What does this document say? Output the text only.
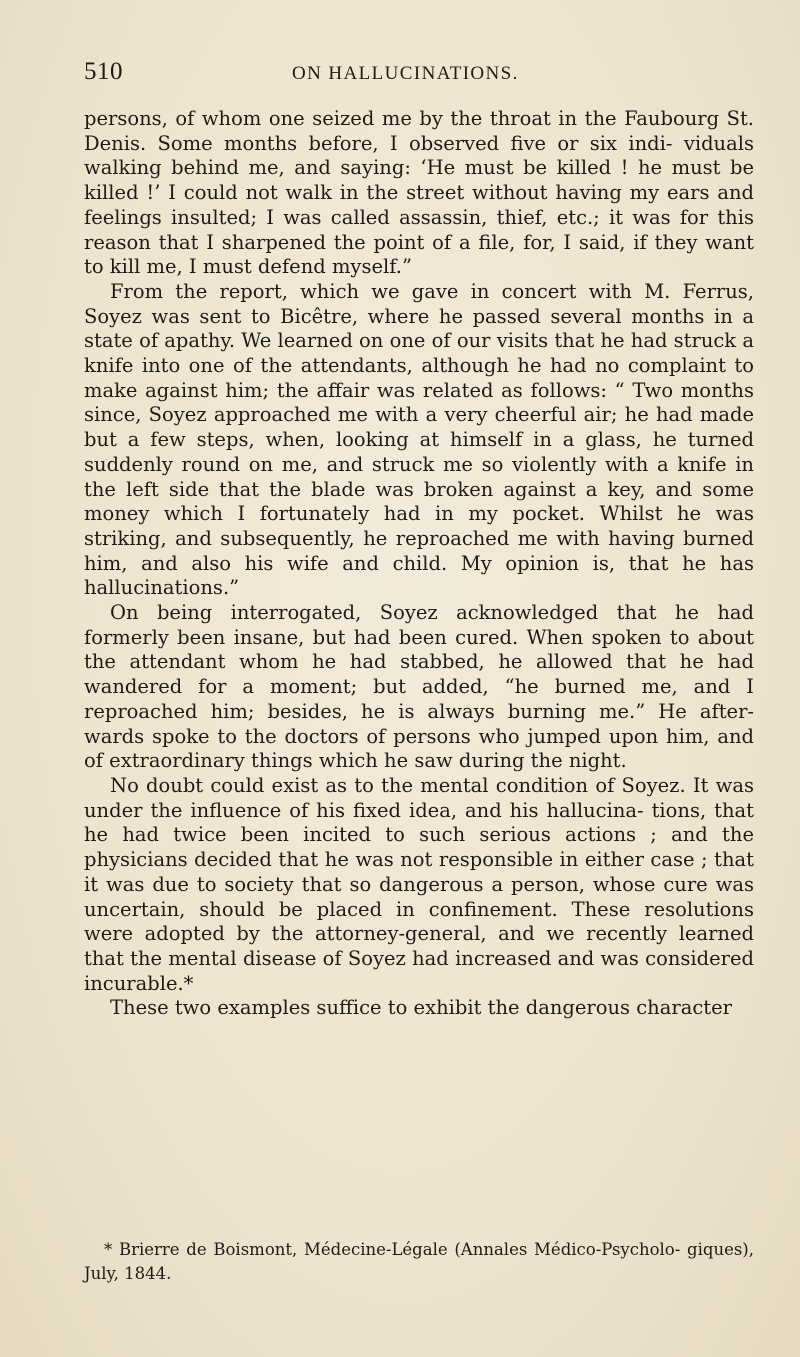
510	ON HALLUCINATIONS.

persons, of whom one seized me by the throat in the Faubourg St. Denis. Some months before, I observed five or six indi- viduals walking behind me, and saying: ‘He must be killed ! he must be killed !’ I could not walk in the street without having my ears and feelings insulted; I was called assassin, thief, etc.; it was for this reason that I sharpened the point of a file, for, I said, if they want to kill me, I must defend myself.”

From the report, which we gave in concert with M. Ferrus, Soyez was sent to Bicêtre, where he passed several months in a state of apathy. We learned on one of our visits that he had struck a knife into one of the attendants, although he had no complaint to make against him; the affair was related as follows: “ Two months since, Soyez approached me with a very cheerful air; he had made but a few steps, when, looking at himself in a glass, he turned suddenly round on me, and struck me so violently with a knife in the left side that the blade was broken against a key, and some money which I fortunately had in my pocket. Whilst he was striking, and subsequently, he reproached me with having burned him, and also his wife and child. My opinion is, that he has hallucinations.”

On being interrogated, Soyez acknowledged that he had formerly been insane, but had been cured. When spoken to about the attendant whom he had stabbed, he allowed that he had wandered for a moment; but added, “he burned me, and I reproached him; besides, he is always burning me.” He after- wards spoke to the doctors of persons who jumped upon him, and of extraordinary things which he saw during the night.

No doubt could exist as to the mental condition of Soyez. It was under the influence of his fixed idea, and his hallucina- tions, that he had twice been incited to such serious actions ; and the physicians decided that he was not responsible in either case ; that it was due to society that so dangerous a person, whose cure was uncertain, should be placed in confinement. These resolutions were adopted by the attorney-general, and we recently learned that the mental disease of Soyez had increased and was considered incurable.*

These two examples suffice to exhibit the dangerous character

* Brierre de Boismont, Médecine-Légale (Annales Médico-Psycholo- giques), July, 1844.
